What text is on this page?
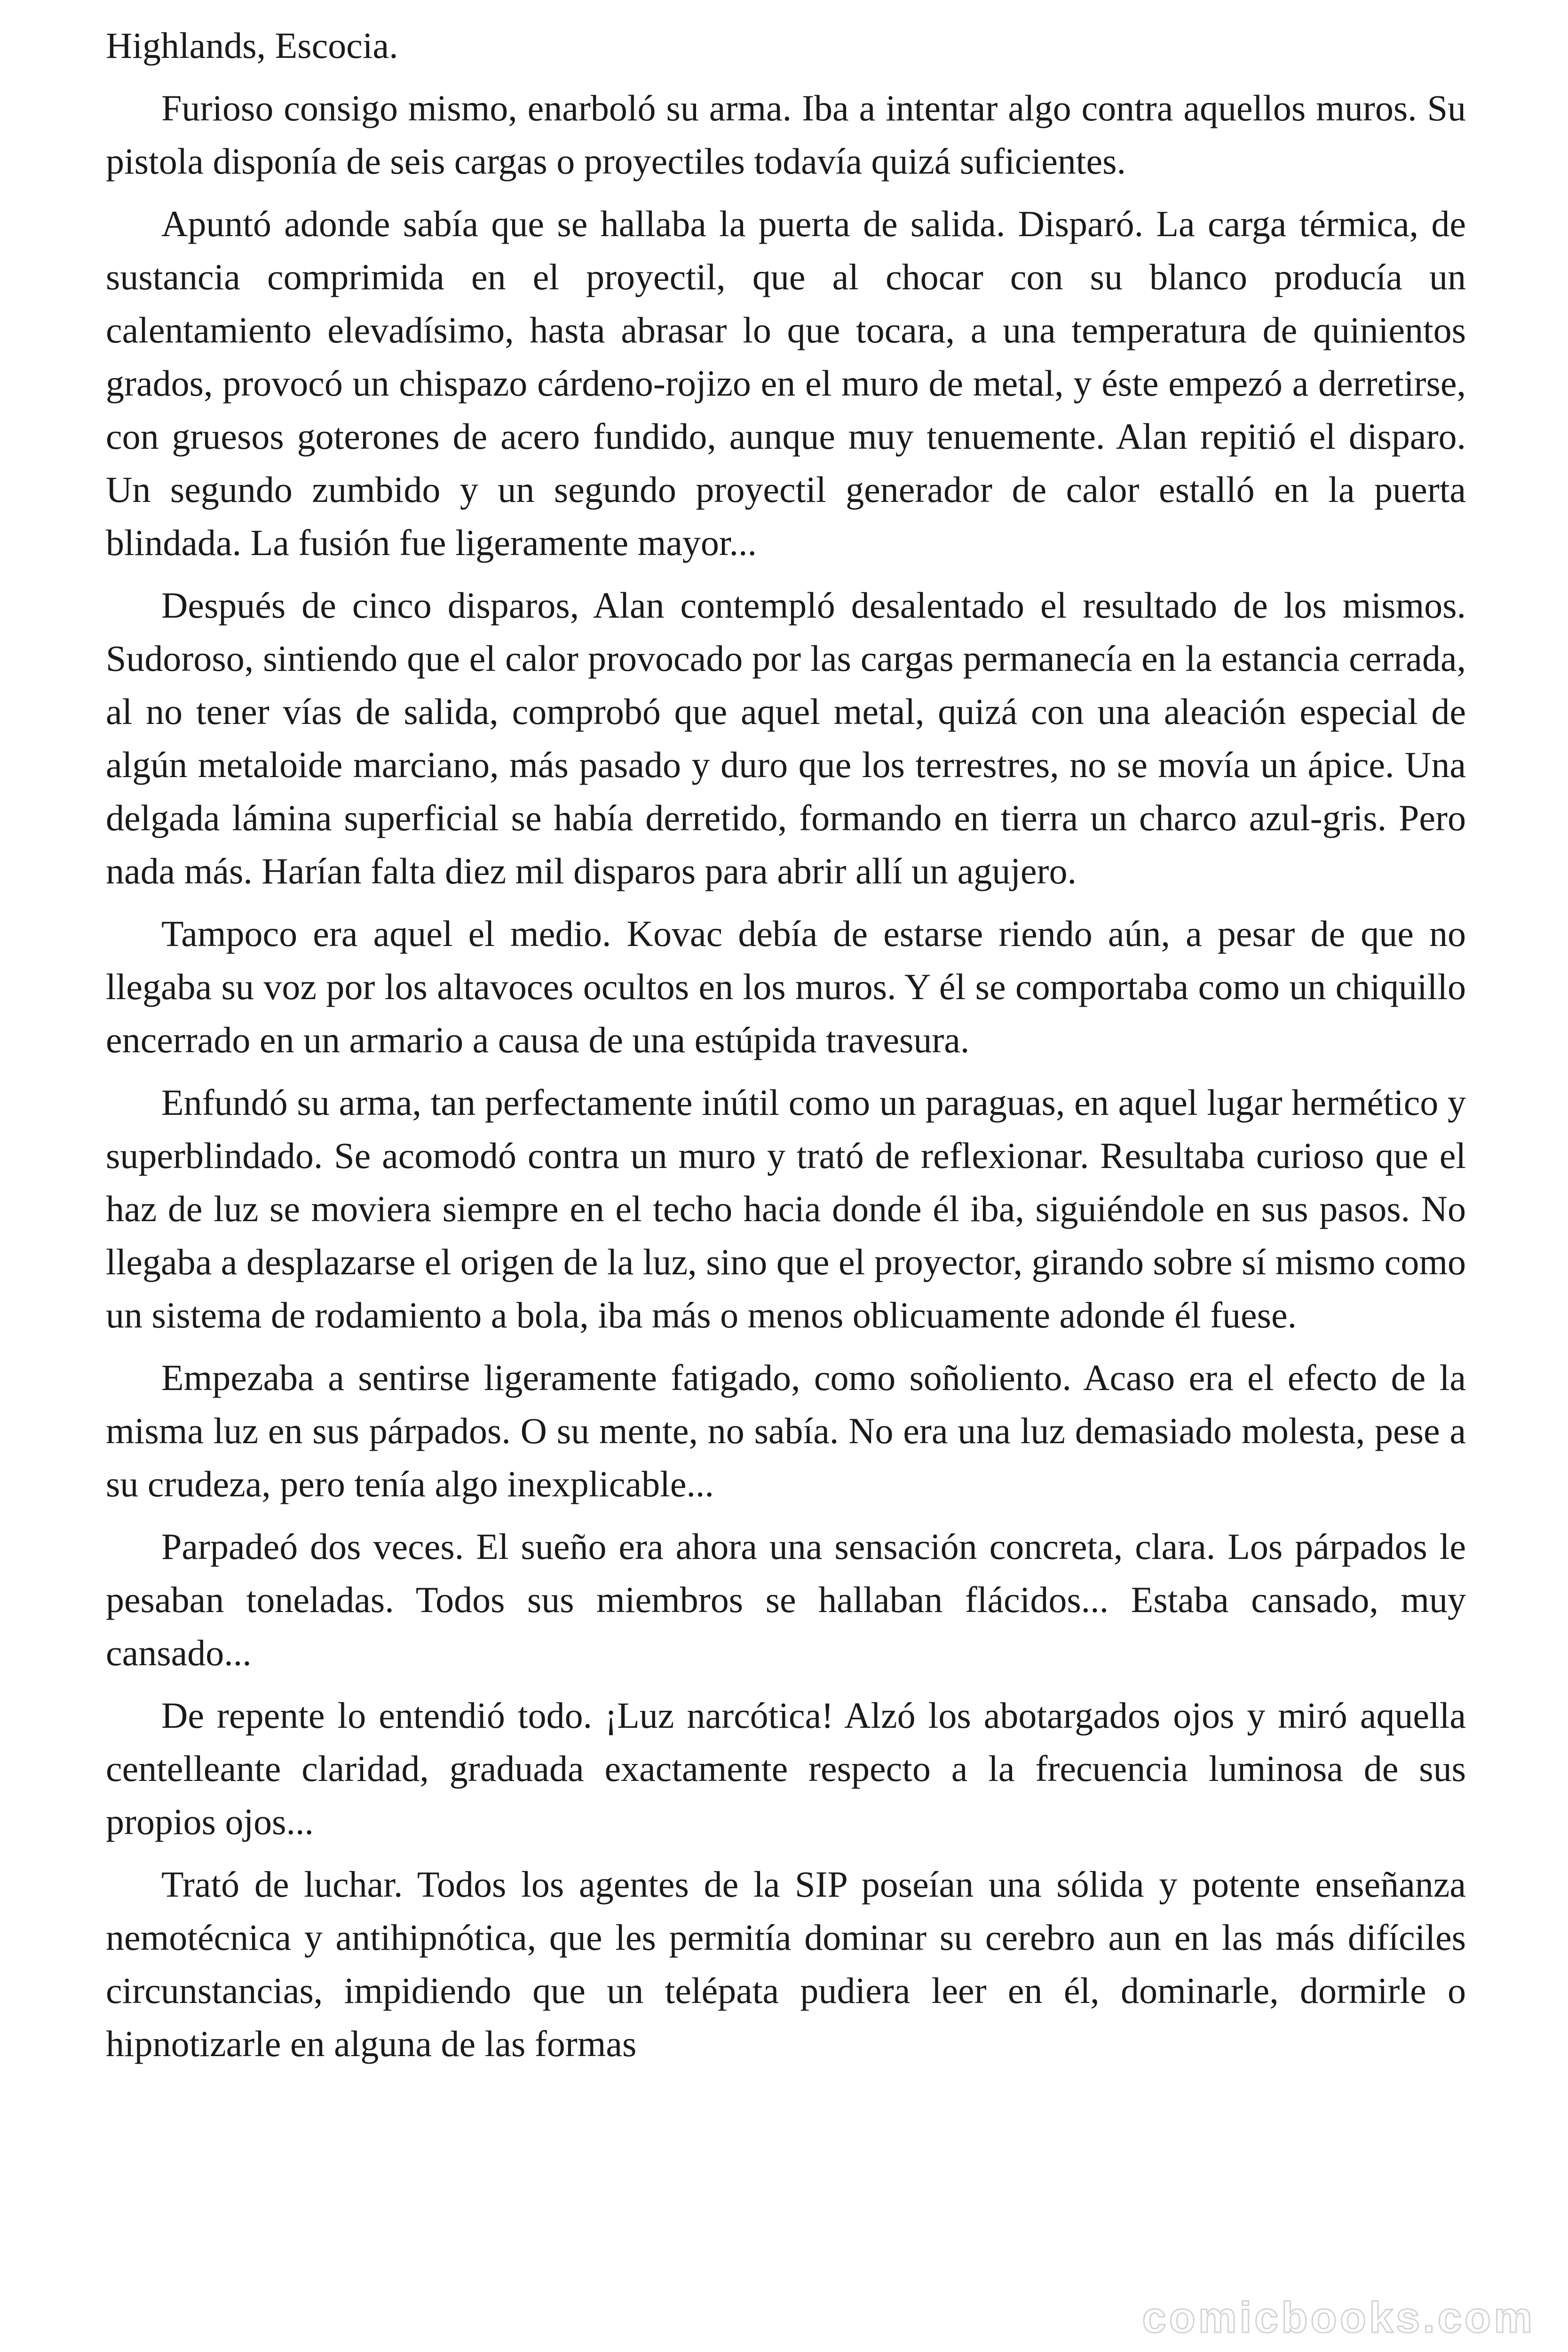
Highlands, Escocia.

Furioso consigo mismo, enarboló su arma. Iba a intentar algo contra aquellos muros. Su pistola disponía de seis cargas o proyectiles todavía quizá suficientes.

Apuntó adonde sabía que se hallaba la puerta de salida. Disparó. La carga térmica, de sustancia comprimida en el proyectil, que al chocar con su blanco producía un calentamiento elevadísimo, hasta abrasar lo que tocara, a una temperatura de quinientos grados, provocó un chispazo cárdeno-rojizo en el muro de metal, y éste empezó a derretirse, con gruesos goterones de acero fundido, aunque muy tenuemente. Alan repitió el disparo. Un segundo zumbido y un segundo proyectil generador de calor estalló en la puerta blindada. La fusión fue ligeramente mayor...

Después de cinco disparos, Alan contempló desalentado el resultado de los mismos. Sudoroso, sintiendo que el calor provocado por las cargas permanecía en la estancia cerrada, al no tener vías de salida, comprobó que aquel metal, quizá con una aleación especial de algún metaloide marciano, más pasado y duro que los terrestres, no se movía un ápice. Una delgada lámina superficial se había derretido, formando en tierra un charco azul-gris. Pero nada más. Harían falta diez mil disparos para abrir allí un agujero.

Tampoco era aquel el medio. Kovac debía de estarse riendo aún, a pesar de que no llegaba su voz por los altavoces ocultos en los muros. Y él se comportaba como un chiquillo encerrado en un armario a causa de una estúpida travesura.

Enfundó su arma, tan perfectamente inútil como un paraguas, en aquel lugar hermético y superblindado. Se acomodó contra un muro y trató de reflexionar. Resultaba curioso que el haz de luz se moviera siempre en el techo hacia donde él iba, siguiéndole en sus pasos. No llegaba a desplazarse el origen de la luz, sino que el proyector, girando sobre sí mismo como un sistema de rodamiento a bola, iba más o menos oblicuamente adonde él fuese.

Empezaba a sentirse ligeramente fatigado, como soñoliento. Acaso era el efecto de la misma luz en sus párpados. O su mente, no sabía. No era una luz demasiado molesta, pese a su crudeza, pero tenía algo inexplicable...

Parpadeó dos veces. El sueño era ahora una sensación concreta, clara. Los párpados le pesaban toneladas. Todos sus miembros se hallaban flácidos... Estaba cansado, muy cansado...

De repente lo entendió todo. ¡Luz narcótica! Alzó los abotargados ojos y miró aquella centelleante claridad, graduada exactamente respecto a la frecuencia luminosa de sus propios ojos...

Trató de luchar. Todos los agentes de la SIP poseían una sólida y potente enseñanza nemotécnica y antihipnótica, que les permitía dominar su cerebro aun en las más difíciles circunstancias, impidiendo que un telépata pudiera leer en él, dominarle, dormirle o hipnotizarle en alguna de las formas

comicbooks.com
